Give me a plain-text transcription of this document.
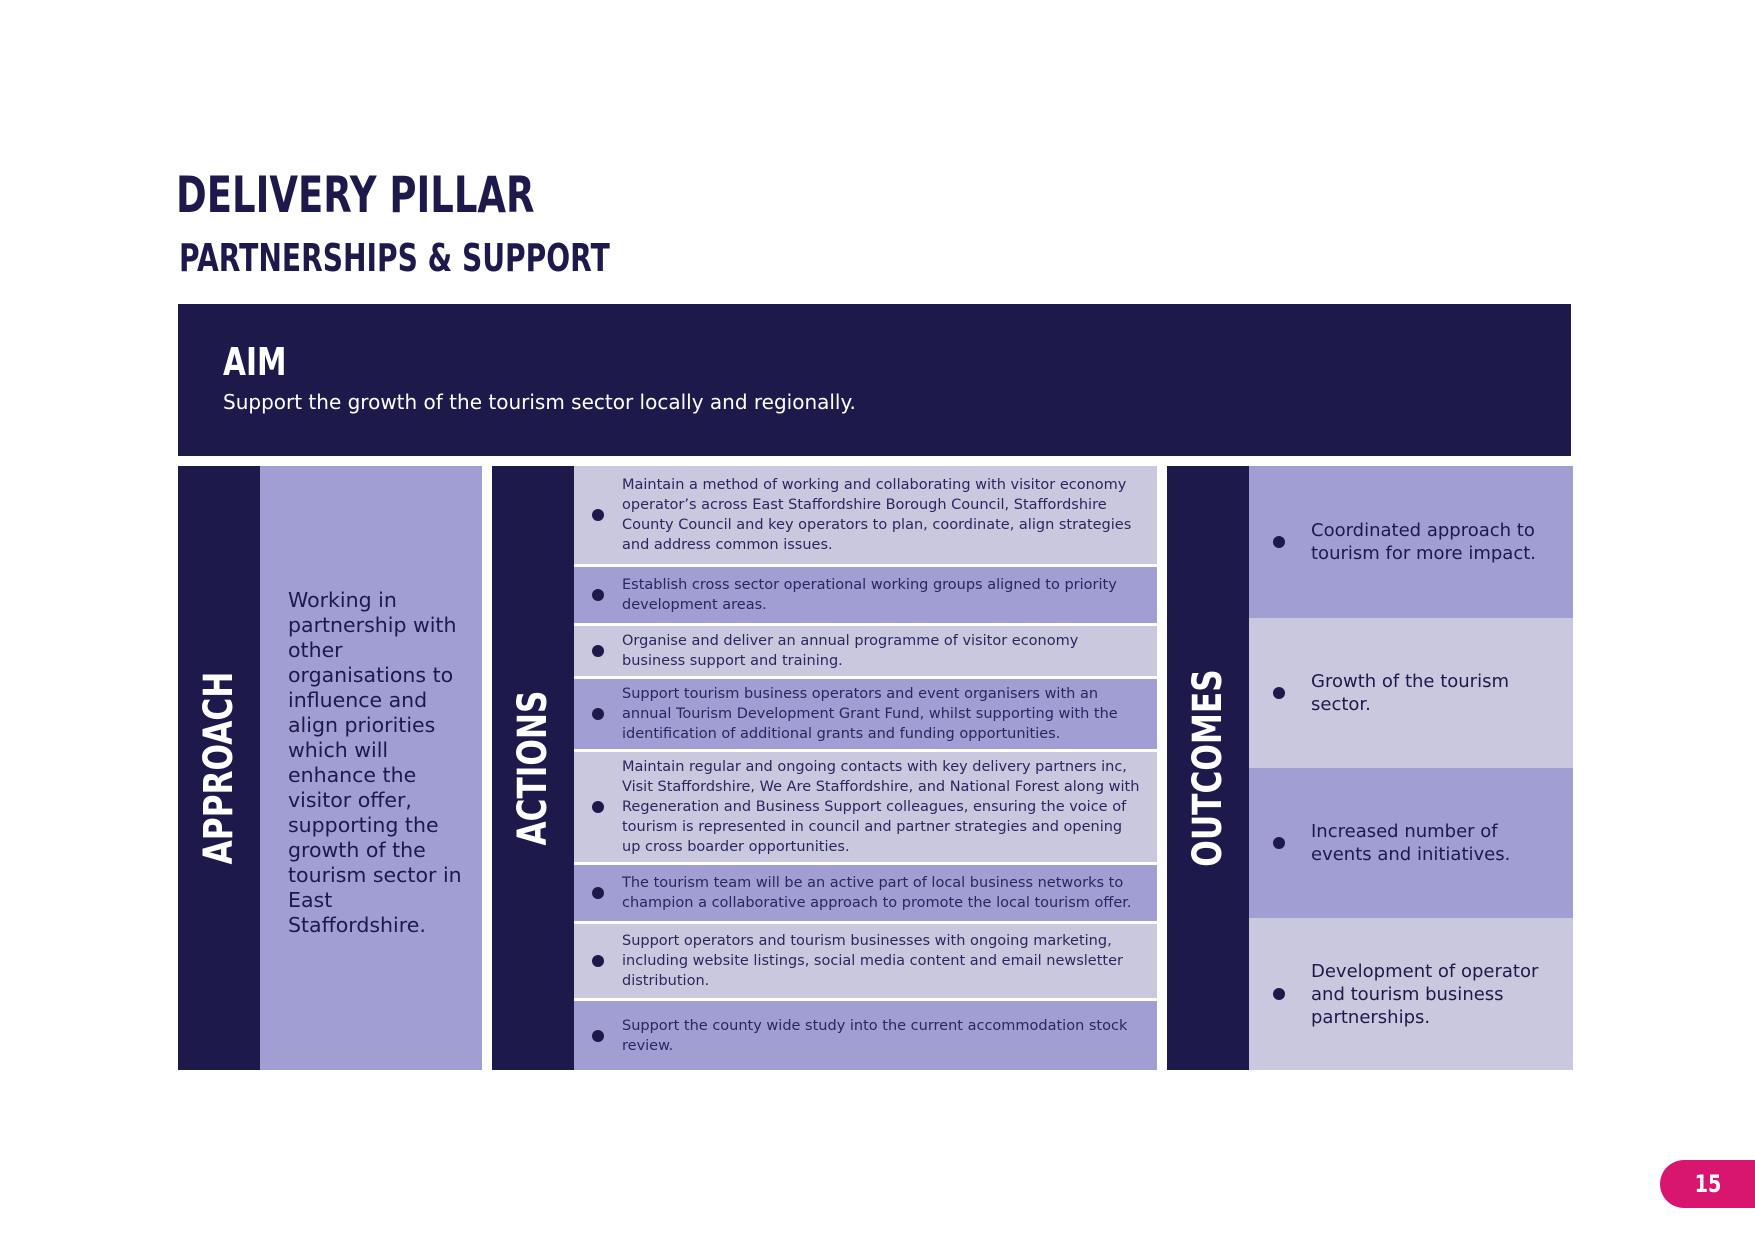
DELIVERY PILLAR
PARTNERSHIPS & SUPPORT
AIM
Support the growth of the tourism sector locally and regionally.
APPROACH
Working in partnership with other organisations to influence and align priorities which will enhance the visitor offer, supporting the growth of the tourism sector in East Staffordshire.
ACTIONS
Maintain a method of working and collaborating with visitor economy operator’s across East Staffordshire Borough Council, Staffordshire County Council and key operators to plan, coordinate, align strategies and address common issues.
Establish cross sector operational working groups aligned to priority development areas.
Organise and deliver an annual programme of visitor economy business support and training.
Support tourism business operators and event organisers with an annual Tourism Development Grant Fund, whilst supporting with the identification of additional grants and funding opportunities.
Maintain regular and ongoing contacts with key delivery partners inc, Visit Staffordshire, We Are Staffordshire, and National Forest along with Regeneration and Business Support colleagues, ensuring the voice of tourism is represented in council and partner strategies and opening up cross boarder opportunities.
The tourism team will be an active part of local business networks to champion a collaborative approach to promote the local tourism offer.
Support operators and tourism businesses with ongoing marketing, including website listings, social media content and email newsletter distribution.
Support the county wide study into the current accommodation stock review.
OUTCOMES
Coordinated approach to tourism for more impact.
Growth of the tourism sector.
Increased number of events and initiatives.
Development of operator and tourism business partnerships.
15
